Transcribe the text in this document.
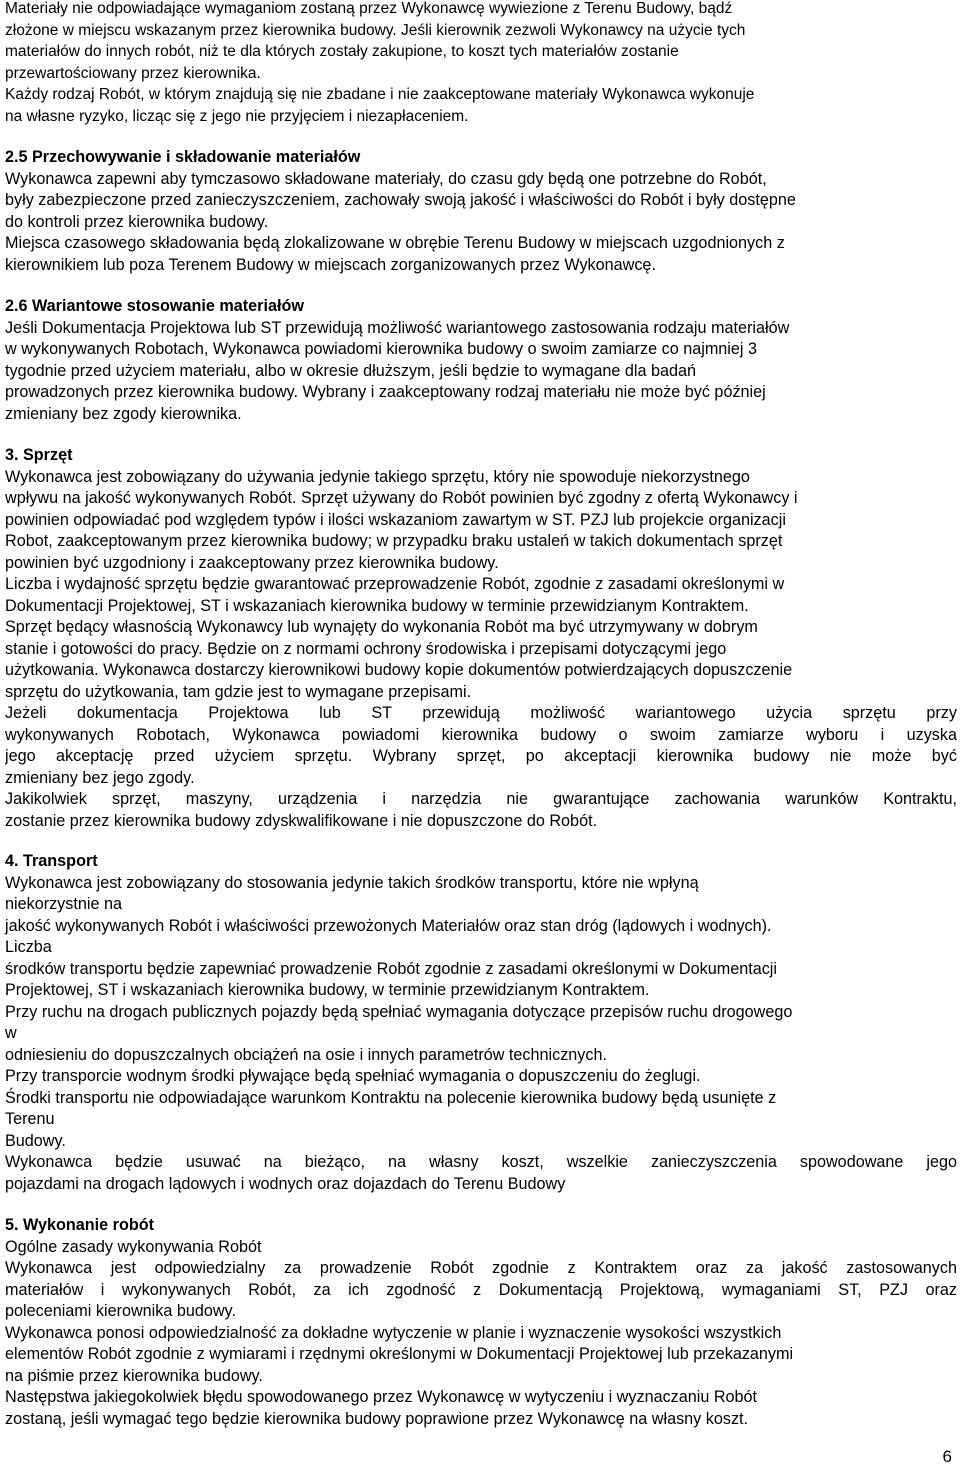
Materiały nie odpowiadające wymaganiom zostaną przez Wykonawcę wywiezione z Terenu Budowy, bądź
złożone w miejscu wskazanym przez kierownika budowy. Jeśli kierownik zezwoli Wykonawcy na użycie tych
materiałów do innych robót, niż te dla których zostały zakupione, to koszt tych materiałów zostanie
przewartościowany przez kierownika.
Każdy rodzaj Robót, w którym znajdują się nie zbadane i nie zaakceptowane materiały Wykonawca wykonuje
na własne ryzyko, licząc się z jego nie przyjęciem i niezapłaceniem.
2.5 Przechowywanie i składowanie materiałów
Wykonawca zapewni aby tymczasowo składowane materiały, do czasu gdy będą one potrzebne do Robót,
były zabezpieczone przed zanieczyszczeniem, zachowały swoją jakość i właściwości do Robót i były dostępne
do kontroli przez kierownika budowy.
Miejsca czasowego składowania będą zlokalizowane w obrębie Terenu Budowy w miejscach uzgodnionych z
kierownikiem lub poza Terenem Budowy w miejscach zorganizowanych przez Wykonawcę.
2.6 Wariantowe stosowanie materiałów
Jeśli Dokumentacja Projektowa lub ST przewidują możliwość wariantowego zastosowania rodzaju materiałów
w wykonywanych Robotach, Wykonawca powiadomi kierownika budowy o swoim zamiarze co najmniej 3
tygodnie przed użyciem materiału, albo w okresie dłuższym, jeśli będzie to wymagane dla badań
prowadzonych przez kierownika budowy. Wybrany i zaakceptowany rodzaj materiału nie może być później
zmieniany bez zgody kierownika.
3. Sprzęt
Wykonawca jest zobowiązany do używania jedynie takiego sprzętu, który nie spowoduje niekorzystnego
wpływu na jakość wykonywanych Robót. Sprzęt używany do Robót powinien być zgodny z ofertą Wykonawcy i
powinien odpowiadać pod względem typów i ilości wskazaniom zawartym w ST. PZJ lub projekcie organizacji
Robot, zaakceptowanym przez kierownika budowy; w przypadku braku ustaleń w takich dokumentach sprzęt
powinien być uzgodniony i zaakceptowany przez kierownika budowy.
Liczba i wydajność sprzętu będzie gwarantować przeprowadzenie Robót, zgodnie z zasadami określonymi w
Dokumentacji Projektowej, ST i wskazaniach kierownika budowy w terminie przewidzianym Kontraktem.
Sprzęt będący własnością Wykonawcy lub wynajęty do wykonania Robót ma być utrzymywany w dobrym
stanie i gotowości do pracy. Będzie on z normami ochrony środowiska i przepisami dotyczącymi jego
użytkowania. Wykonawca dostarczy kierownikowi budowy kopie dokumentów potwierdzających dopuszczenie
sprzętu do użytkowania, tam gdzie jest to wymagane przepisami.
Jeżeli dokumentacja Projektowa lub ST przewidują możliwość wariantowego użycia sprzętu przy
wykonywanych Robotach, Wykonawca powiadomi kierownika budowy o swoim zamiarze wyboru i uzyska
jego akceptację przed użyciem sprzętu. Wybrany sprzęt, po akceptacji kierownika budowy nie może być
zmieniany bez jego zgody.
Jakikolwiek sprzęt, maszyny, urządzenia i narzędzia nie gwarantujące zachowania warunków Kontraktu,
zostanie przez kierownika budowy zdyskwalifikowane i nie dopuszczone do Robót.
4. Transport
Wykonawca jest zobowiązany do stosowania jedynie takich środków transportu, które nie wpłyną
niekorzystnie na
jakość wykonywanych Robót i właściwości przewożonych Materiałów oraz stan dróg (lądowych i wodnych).
Liczba
środków transportu będzie zapewniać prowadzenie Robót zgodnie z zasadami określonymi w Dokumentacji
Projektowej, ST i wskazaniach kierownika budowy, w terminie przewidzianym Kontraktem.
Przy ruchu na drogach publicznych pojazdy będą spełniać wymagania dotyczące przepisów ruchu drogowego
w
odniesieniu do dopuszczalnych obciążeń na osie i innych parametrów technicznych.
Przy transporcie wodnym środki pływające będą spełniać wymagania o dopuszczeniu do żeglugi.
Środki transportu nie odpowiadające warunkom Kontraktu na polecenie kierownika budowy będą usunięte z
Terenu
Budowy.
Wykonawca będzie usuwać na bieżąco, na własny koszt, wszelkie zanieczyszczenia spowodowane jego
pojazdami na drogach lądowych i wodnych oraz dojazdach do Terenu Budowy
5. Wykonanie robót
Ogólne zasady wykonywania Robót
Wykonawca jest odpowiedzialny za prowadzenie Robót zgodnie z Kontraktem oraz za jakość zastosowanych
materiałów i wykonywanych Robót, za ich zgodność z Dokumentacją Projektową, wymaganiami ST, PZJ oraz
poleceniami kierownika budowy.
Wykonawca ponosi odpowiedzialność za dokładne wytyczenie w planie i wyznaczenie wysokości wszystkich
elementów Robót zgodnie z wymiarami i rzędnymi określonymi w Dokumentacji Projektowej lub przekazanymi
na piśmie przez kierownika budowy.
Następstwa jakiegokolwiek błędu spowodowanego przez Wykonawcę w wytyczeniu i wyznaczaniu Robót
zostaną, jeśli wymagać tego będzie kierownika budowy poprawione przez Wykonawcę na własny koszt.
6
